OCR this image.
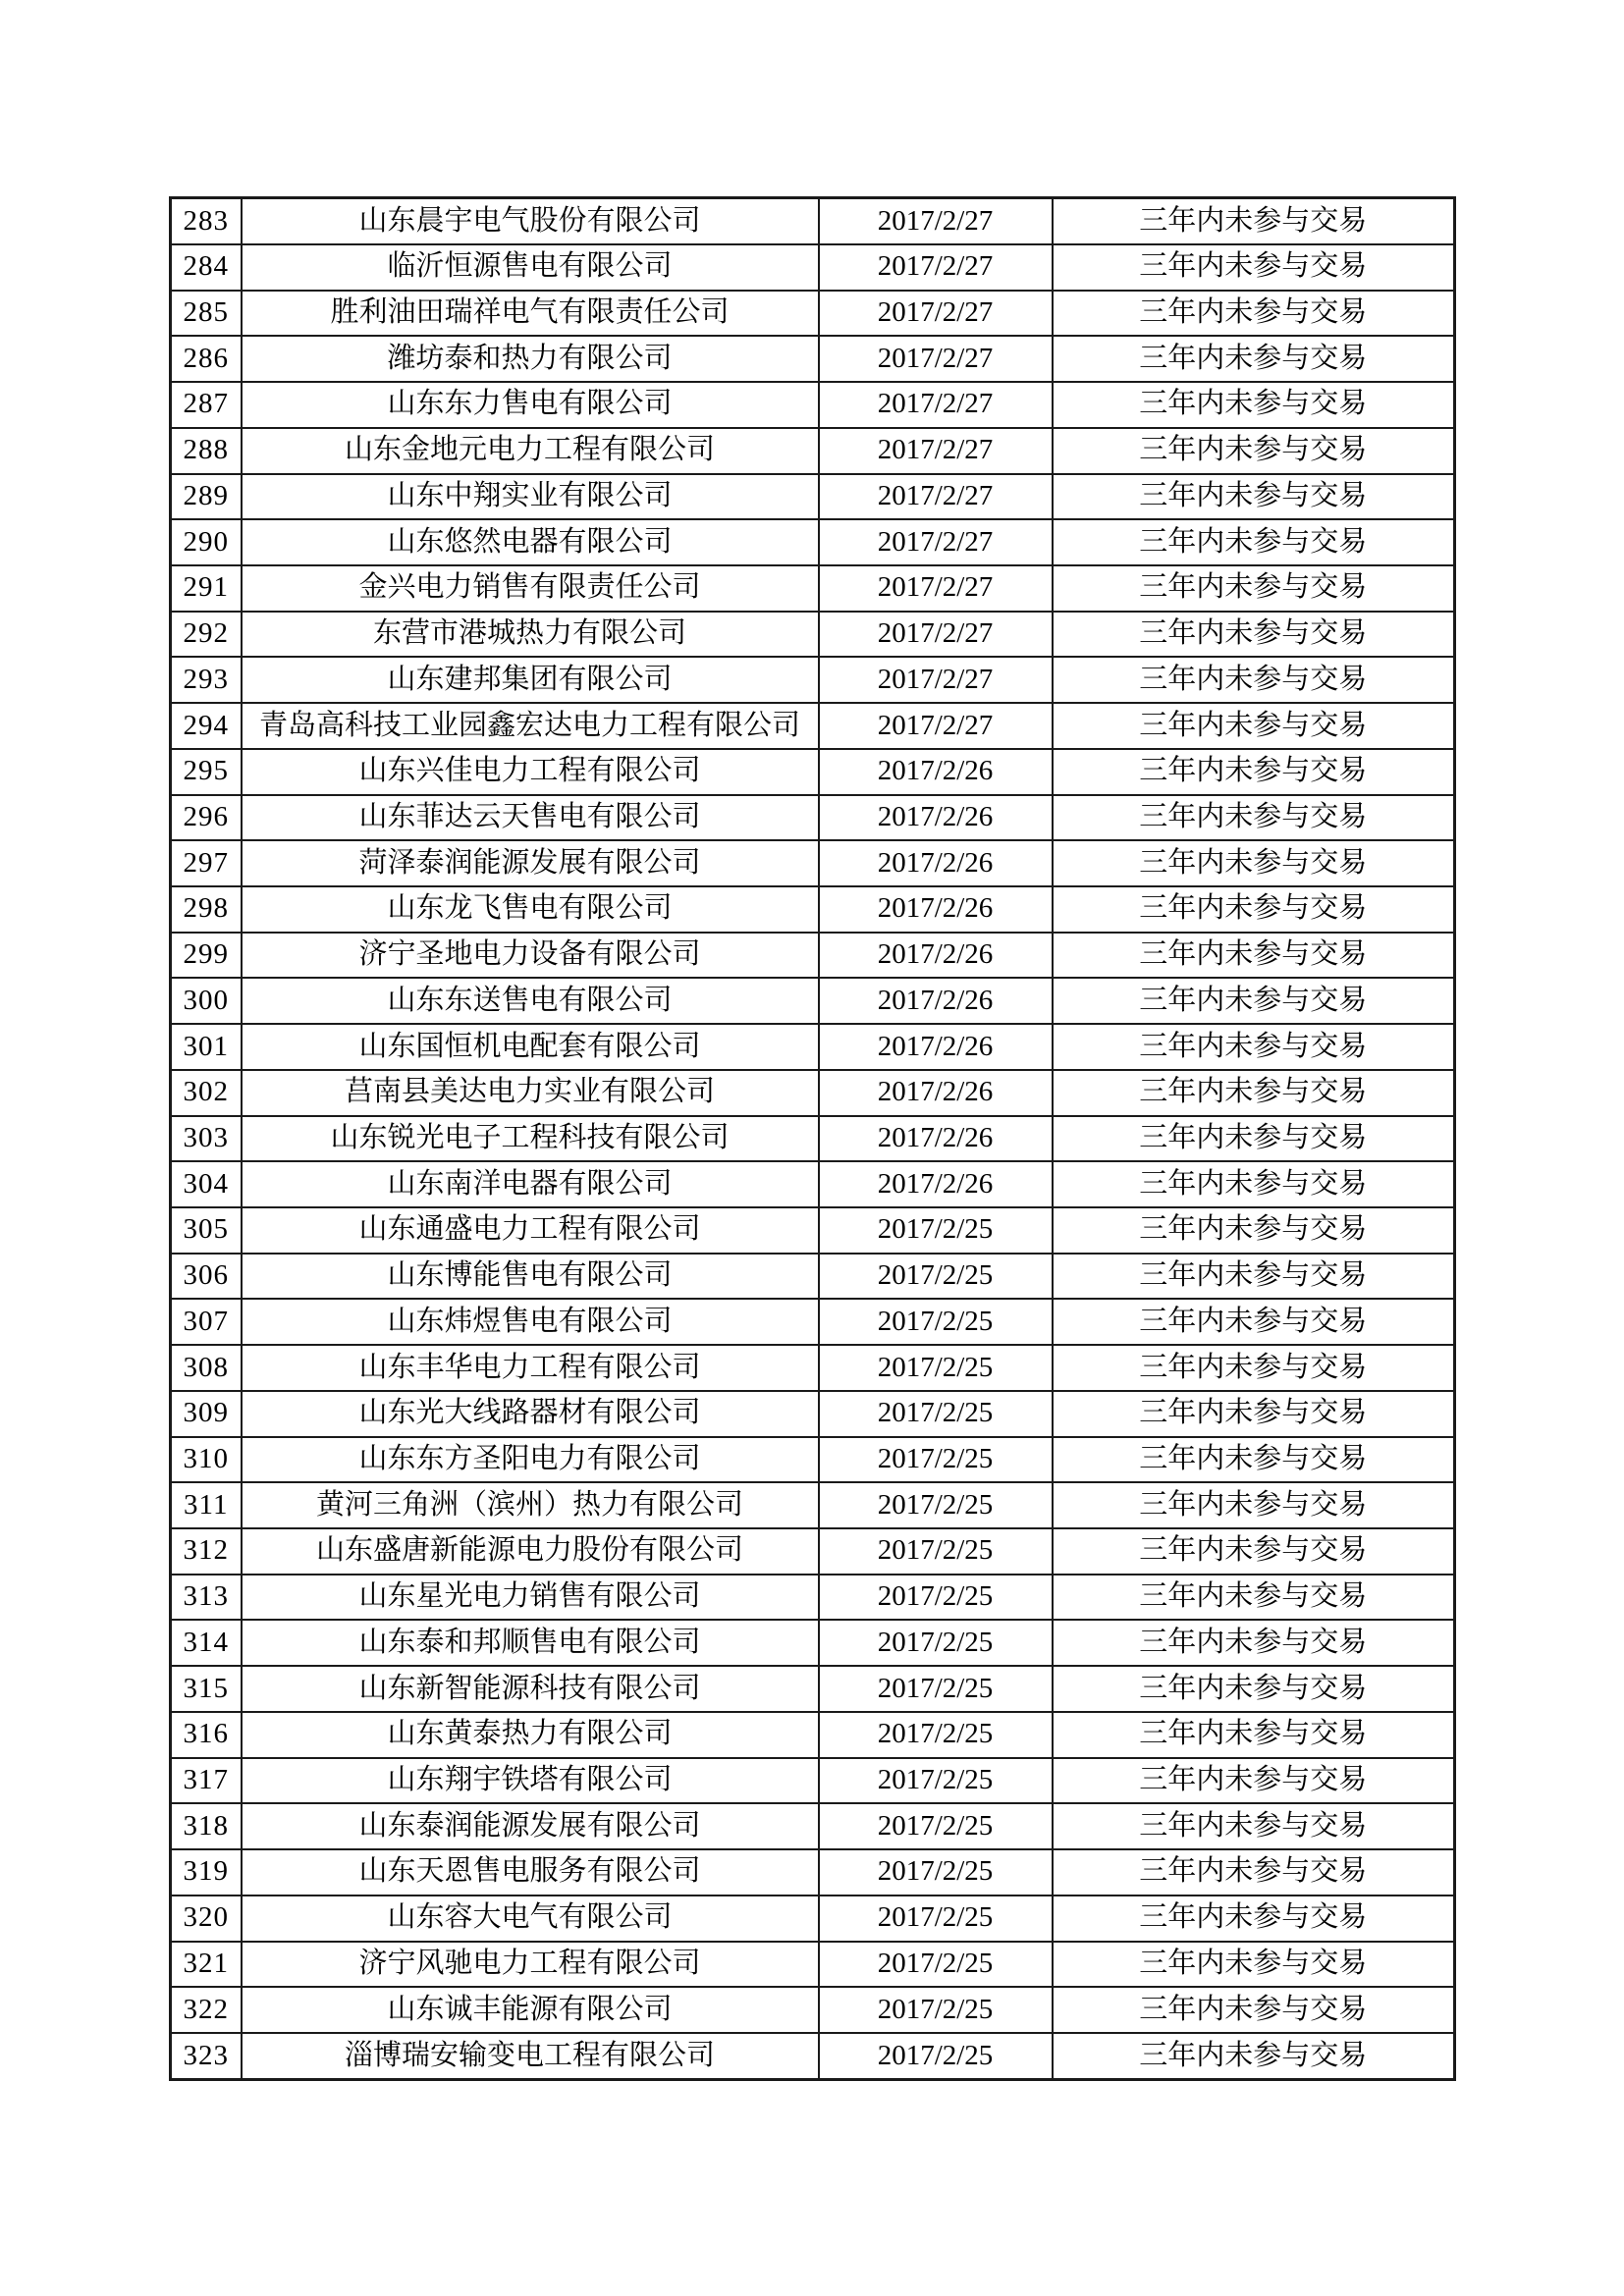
283	山东晨宇电气股份有限公司	2017/2/27	三年内未参与交易
284	临沂恒源售电有限公司	2017/2/27	三年内未参与交易
285	胜利油田瑞祥电气有限责任公司	2017/2/27	三年内未参与交易
286	潍坊泰和热力有限公司	2017/2/27	三年内未参与交易
287	山东东力售电有限公司	2017/2/27	三年内未参与交易
288	山东金地元电力工程有限公司	2017/2/27	三年内未参与交易
289	山东中翔实业有限公司	2017/2/27	三年内未参与交易
290	山东悠然电器有限公司	2017/2/27	三年内未参与交易
291	金兴电力销售有限责任公司	2017/2/27	三年内未参与交易
292	东营市港城热力有限公司	2017/2/27	三年内未参与交易
293	山东建邦集团有限公司	2017/2/27	三年内未参与交易
294	青岛高科技工业园鑫宏达电力工程有限公司	2017/2/27	三年内未参与交易
295	山东兴佳电力工程有限公司	2017/2/26	三年内未参与交易
296	山东菲达云天售电有限公司	2017/2/26	三年内未参与交易
297	菏泽泰润能源发展有限公司	2017/2/26	三年内未参与交易
298	山东龙飞售电有限公司	2017/2/26	三年内未参与交易
299	济宁圣地电力设备有限公司	2017/2/26	三年内未参与交易
300	山东东送售电有限公司	2017/2/26	三年内未参与交易
301	山东国恒机电配套有限公司	2017/2/26	三年内未参与交易
302	莒南县美达电力实业有限公司	2017/2/26	三年内未参与交易
303	山东锐光电子工程科技有限公司	2017/2/26	三年内未参与交易
304	山东南洋电器有限公司	2017/2/26	三年内未参与交易
305	山东通盛电力工程有限公司	2017/2/25	三年内未参与交易
306	山东博能售电有限公司	2017/2/25	三年内未参与交易
307	山东炜煜售电有限公司	2017/2/25	三年内未参与交易
308	山东丰华电力工程有限公司	2017/2/25	三年内未参与交易
309	山东光大线路器材有限公司	2017/2/25	三年内未参与交易
310	山东东方圣阳电力有限公司	2017/2/25	三年内未参与交易
311	黄河三角洲（滨州）热力有限公司	2017/2/25	三年内未参与交易
312	山东盛唐新能源电力股份有限公司	2017/2/25	三年内未参与交易
313	山东星光电力销售有限公司	2017/2/25	三年内未参与交易
314	山东泰和邦顺售电有限公司	2017/2/25	三年内未参与交易
315	山东新智能源科技有限公司	2017/2/25	三年内未参与交易
316	山东黄泰热力有限公司	2017/2/25	三年内未参与交易
317	山东翔宇铁塔有限公司	2017/2/25	三年内未参与交易
318	山东泰润能源发展有限公司	2017/2/25	三年内未参与交易
319	山东天恩售电服务有限公司	2017/2/25	三年内未参与交易
320	山东容大电气有限公司	2017/2/25	三年内未参与交易
321	济宁风驰电力工程有限公司	2017/2/25	三年内未参与交易
322	山东诚丰能源有限公司	2017/2/25	三年内未参与交易
323	淄博瑞安输变电工程有限公司	2017/2/25	三年内未参与交易
